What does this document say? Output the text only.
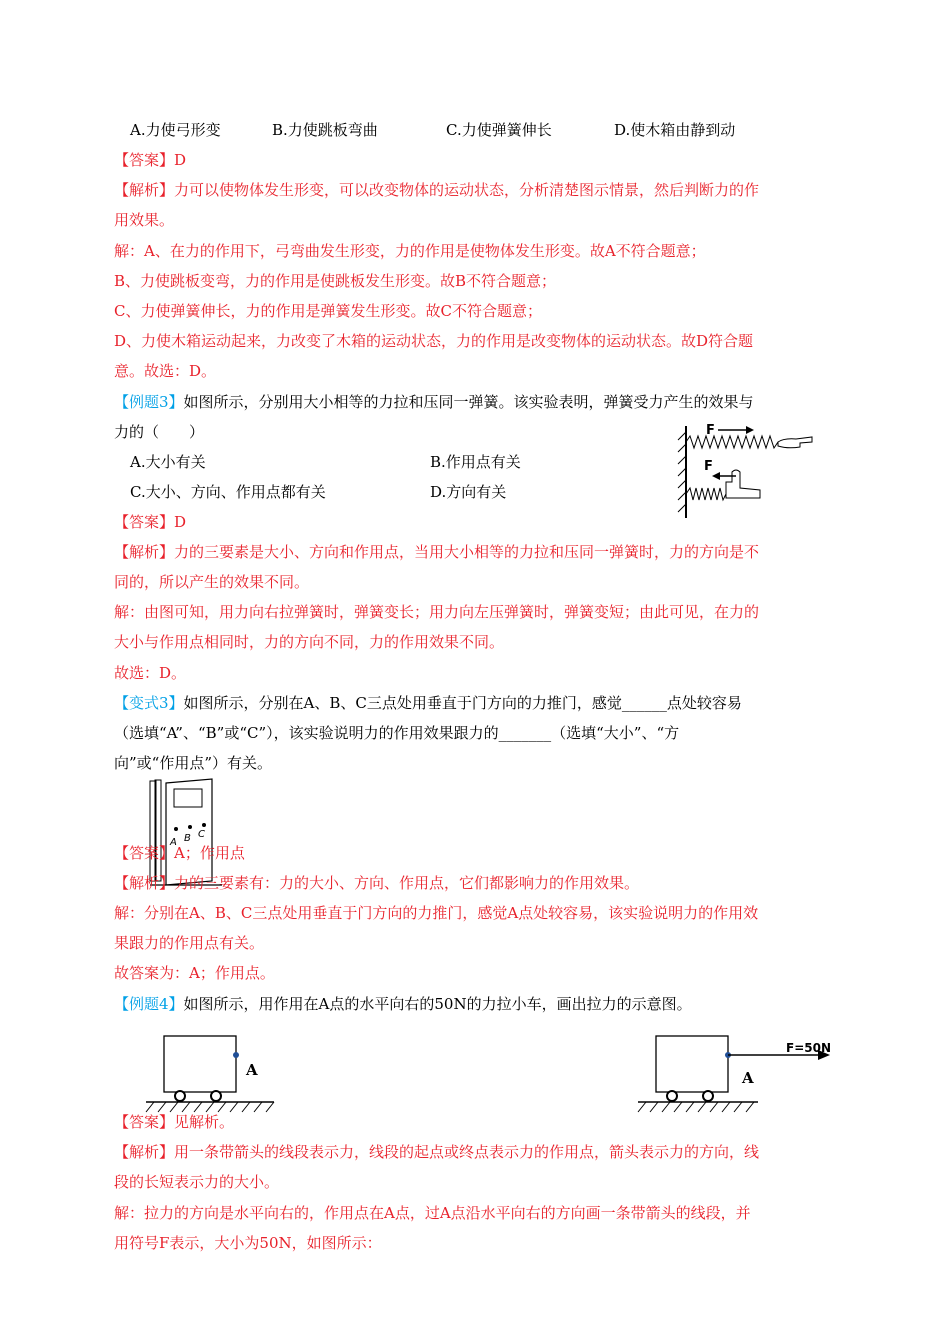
A.力使弓形变	B.力使跳板弯曲	C.力使弹簧伸长	D.使木箱由静到动
【答案】D
【解析】力可以使物体发生形变，可以改变物体的运动状态，分析清楚图示情景，然后判断力的作
用效果。
解：A、在力的作用下，弓弯曲发生形变，力的作用是使物体发生形变。故A不符合题意；
B、力使跳板变弯，力的作用是使跳板发生形变。故B不符合题意；
C、力使弹簧伸长，力的作用是弹簧发生形变。故C不符合题意；
D、力使木箱运动起来，力改变了木箱的运动状态，力的作用是改变物体的运动状态。故D符合题
意。故选：D。
【例题3】如图所示，分别用大小相等的力拉和压同一弹簧。该实验表明，弹簧受力产生的效果与
力的（　　）
A.大小有关	B.作用点有关
C.大小、方向、作用点都有关	D.方向有关
F
F
【答案】D
【解析】力的三要素是大小、方向和作用点，当用大小相等的力拉和压同一弹簧时，力的方向是不
同的，所以产生的效果不同。
解：由图可知，用力向右拉弹簧时，弹簧变长；用力向左压弹簧时，弹簧变短；由此可见，在力的
大小与作用点相同时，力的方向不同，力的作用效果不同。
故选：D。
【变式3】如图所示，分别在A、B、C三点处用垂直于门方向的力推门，感觉______点处较容易
（选填“A”、“B”或“C”），该实验说明力的作用效果跟力的_______（选填“大小”、“方
向”或“作用点”）有关。
A B C
【答案】A；作用点
【解析】力的三要素有：力的大小、方向、作用点，它们都影响力的作用效果。
解：分别在A、B、C三点处用垂直于门方向的力推门，感觉A点处较容易，该实验说明力的作用效
果跟力的作用点有关。
故答案为：A；作用点。
【例题4】如图所示，用作用在A点的水平向右的50N的力拉小车，画出拉力的示意图。
A
F=50N
A
【答案】见解析。
【解析】用一条带箭头的线段表示力，线段的起点或终点表示力的作用点，箭头表示力的方向，线
段的长短表示力的大小。
解：拉力的方向是水平向右的，作用点在A点，过A点沿水平向右的方向画一条带箭头的线段，并
用符号F表示，大小为50N，如图所示：
